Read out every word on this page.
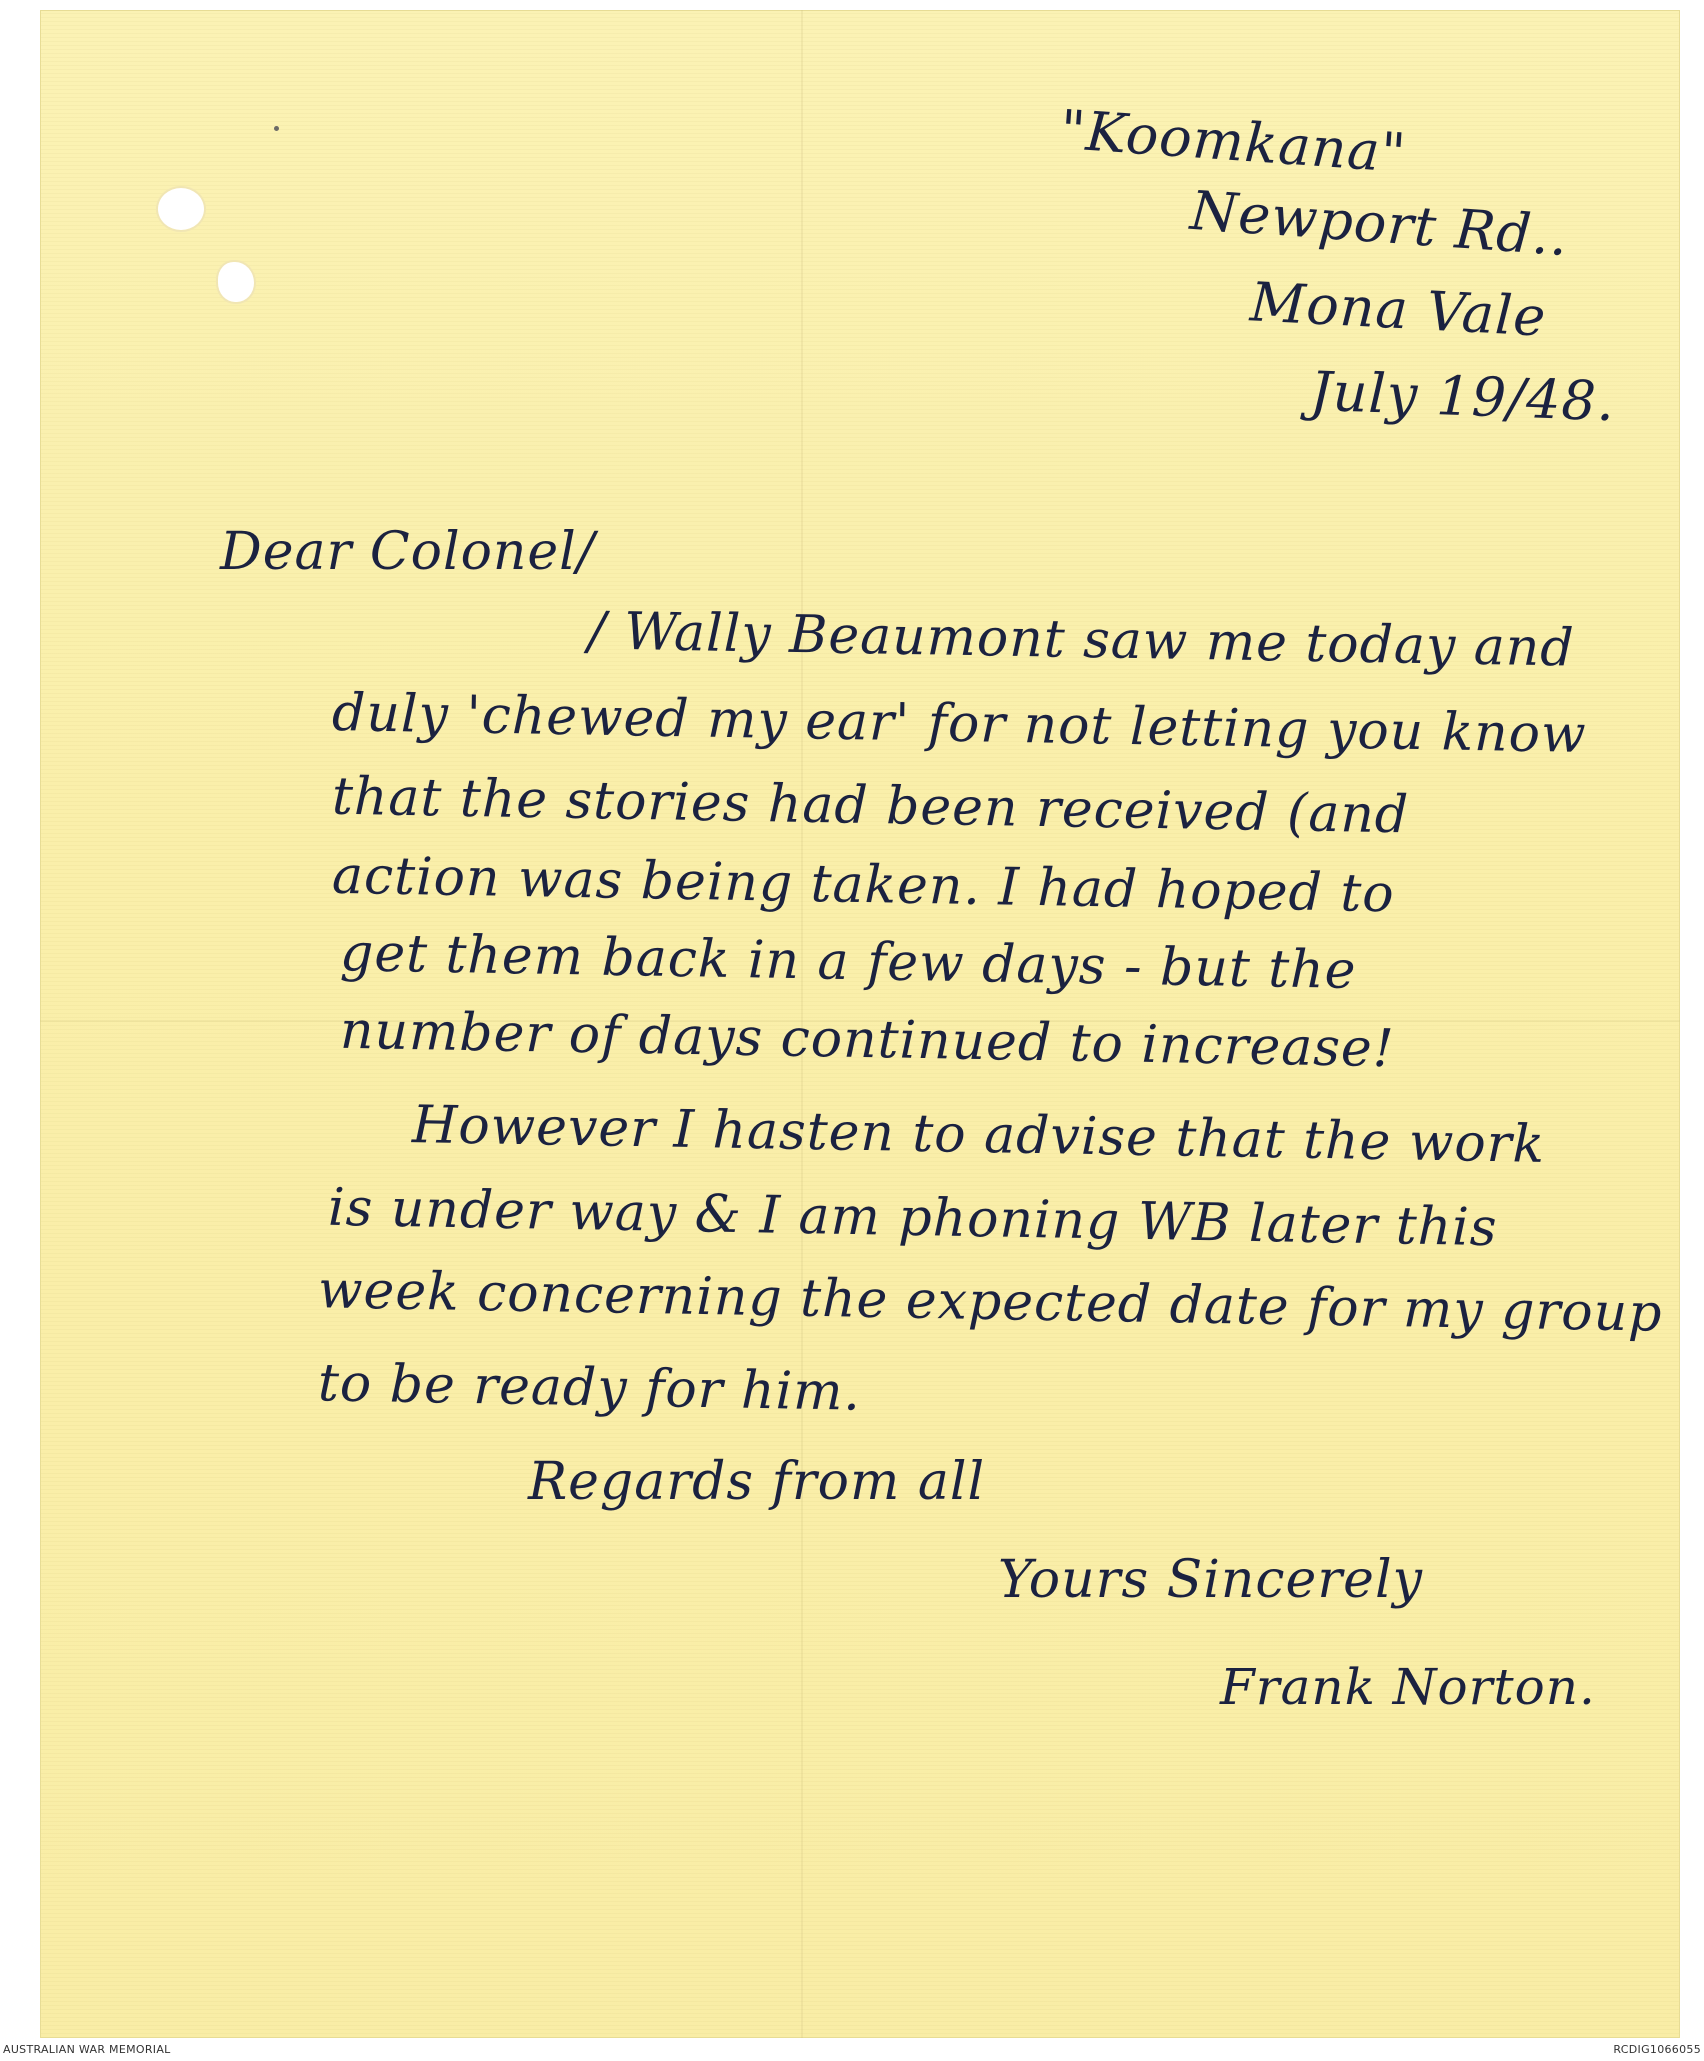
"Koomkana"
Newport Rd..
Mona Vale
July 19/48.
Dear Colonel/
/ Wally Beaumont saw me today and
duly 'chewed my ear' for not letting you know
that the stories had been received (and
action was being taken. I had hoped to
get them back in a few days - but the
number of days continued to increase!
However I hasten to advise that the work
is under way & I am phoning WB later this
week concerning the expected date for my group
to be ready for him.
Regards from all
Yours Sincerely
Frank Norton.
AUSTRALIAN WAR MEMORIAL	RCDIG1066055
